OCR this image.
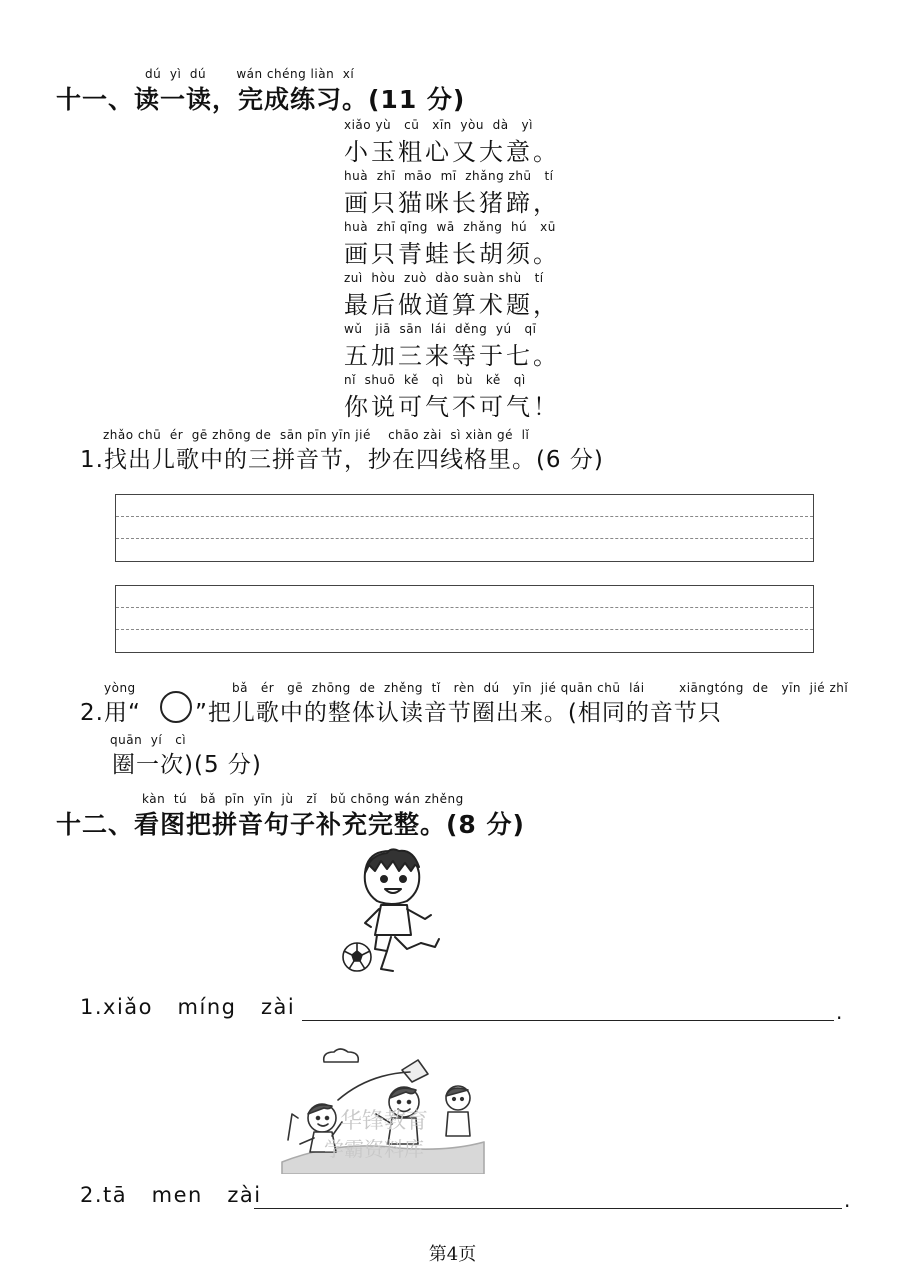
dú  yì  dú       wán chéng liàn  xí
十一、读一读，完成练习。(11 分)
xiǎo yù   cū   xīn  yòu  dà   yì
小玉粗心又大意。
huà  zhī  māo  mī  zhǎng zhū   tí
画只猫咪长猪蹄，
huà  zhī qīng  wā  zhǎng  hú   xū
画只青蛙长胡须。
zuì  hòu  zuò  dào suàn shù   tí
最后做道算术题，
wǔ   jiā  sān  lái  děng  yú   qī
五加三来等于七。
nǐ  shuō  kě   qì   bù   kě   qì
你说可气不可气！
zhǎo chū  ér  gē zhōng de  sān pīn yīn jié    chāo zài  sì xiàn gé  lǐ
1.找出儿歌中的三拼音节，抄在四线格里。(6 分)
yòng	bǎ   ér   gē  zhōng  de  zhěng  tǐ   rèn  dú   yīn  jié quān chū  lái        xiāngtóng  de   yīn  jié zhǐ
2.用“ ”把儿歌中的整体认读音节圈出来。(相同的音节只
quān  yí   cì
圈一次)(5 分)
kàn  tú   bǎ  pīn  yīn  jù   zǐ   bǔ chōng wán zhěng
十二、看图把拼音句子补充完整。(8 分)
1.xiǎo   míng   zài	.
华锋教育
学霸资料库
2.tā   men   zài	.
第4页
